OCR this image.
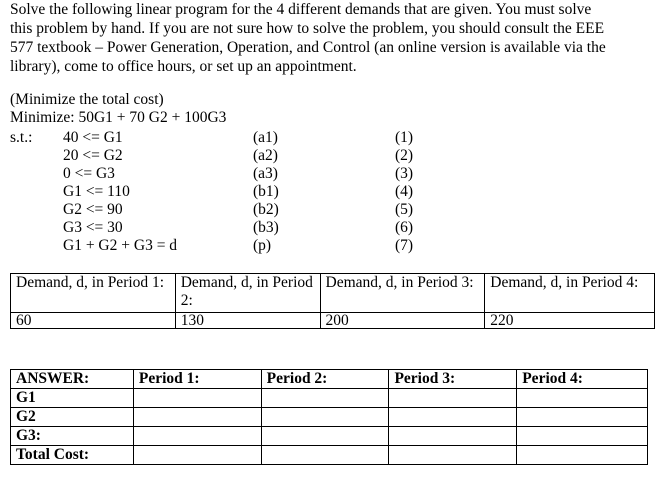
Solve the following linear program for the 4 different demands that are given. You must solve

this problem by hand. If you are not sure how to solve the problem, you should consult the EEE

577 textbook – Power Generation, Operation, and Control (an online version is available via the

library), come to office hours, or set up an appointment.

(Minimize the total cost)
Minimize: 50G1 + 70 G2 + 100G3
s.t.: 40 <= G1	(a1)	(1)
20 <= G2	(a2)	(2)
0 <= G3	(a3)	(3)
G1 <= 110	(b1)	(4)
G2 <= 90	(b2)	(5)
G3 <= 30	(b3)	(6)
G1 + G2 + G3 = d	(p)	(7)
Demand, d, in Period 1:	Demand, d, in Period 2:	Demand, d, in Period 3:	Demand, d, in Period 4:
60	130	200	220
ANSWER:	Period 1:	Period 2:	Period 3:	Period 4:
G1				
G2				
G3:				
Total Cost:				
